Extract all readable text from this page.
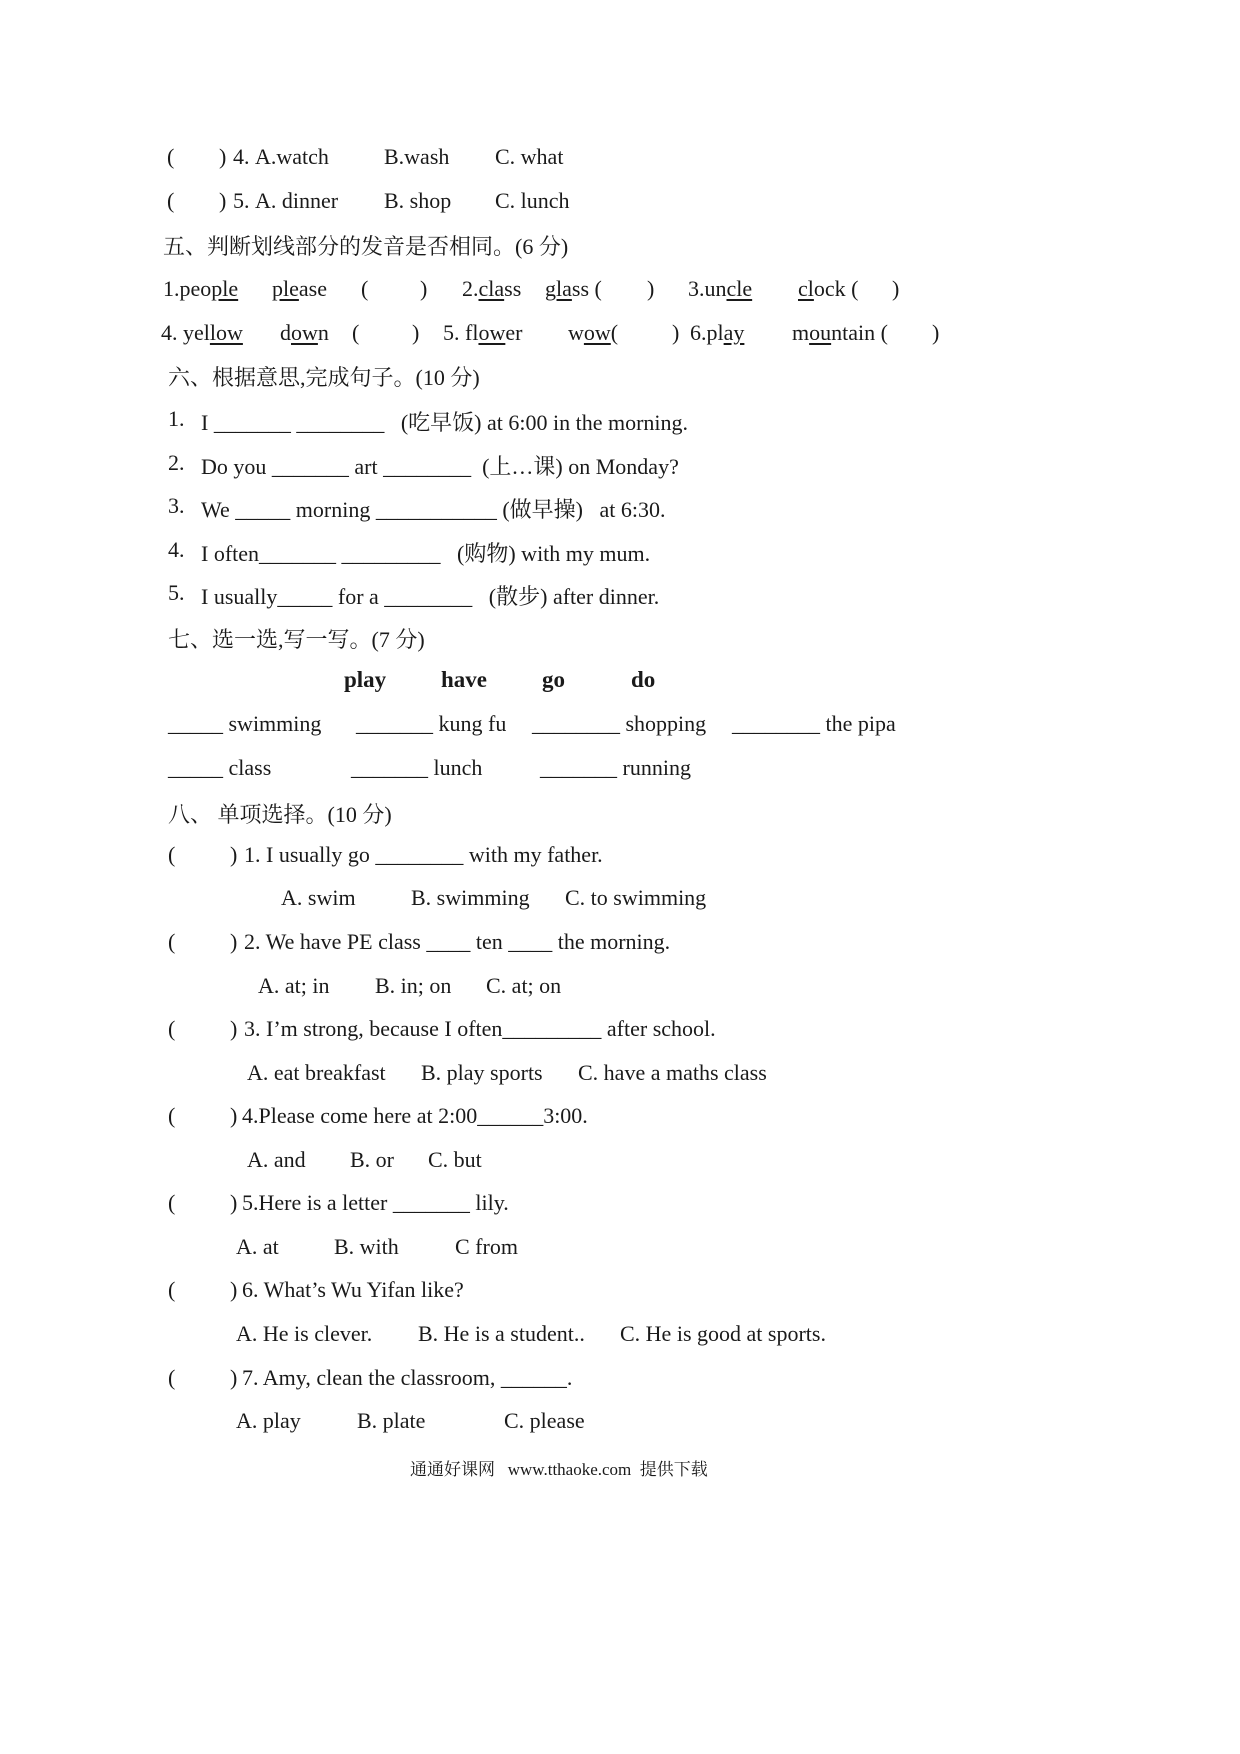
( ) 4. A.watch	B.wash C. what
( ) 5. A. dinner B. shop C. lunch
五、判断划线部分的发音是否相同。(6 分)
1.people please ( ) 2.class glass ( ) 3.uncle clock ( )
4. yellow down ( ) 5. flower wow( ) 6.play mountain ( )
六、根据意思,完成句子。(10 分)
1. I _______ ________   (吃早饭) at 6:00 in the morning.
2. Do you _______ art ________  (上…课) on Monday?
3. We _____ morning ___________ (做早操)   at 6:30.
4. I often_______ _________   (购物) with my mum.
5. I usually_____ for a ________   (散步) after dinner.
七、选一选,写一写。(7 分)
play have go	do
_____ swimming _______ kung fu ________ shopping ________ the pipa
_____ class	_______ lunch	_______ running
八、 单项选择。(10 分)
( ) 1. I usually go ________ with my father.
A. swim	B. swimming C. to swimming
( ) 2. We have PE class ____ ten ____ the morning.
A. at; in B. in; on C. at; on
( ) 3. I’m strong, because I often_________ after school.
A. eat breakfast B. play sports C. have a maths class
( ) 4.Please come here at 2:00______3:00.
A. and B. or C. but
( ) 5.Here is a letter _______ lily.
A. at	B. with	C from
( ) 6. What’s Wu Yifan like?
A. He is clever. B. He is a student.. C. He is good at sports.
( ) 7. Amy, clean the classroom, ______.
A. play	B. plate	C. please
通通好课网   www.tthaoke.com  提供下载
